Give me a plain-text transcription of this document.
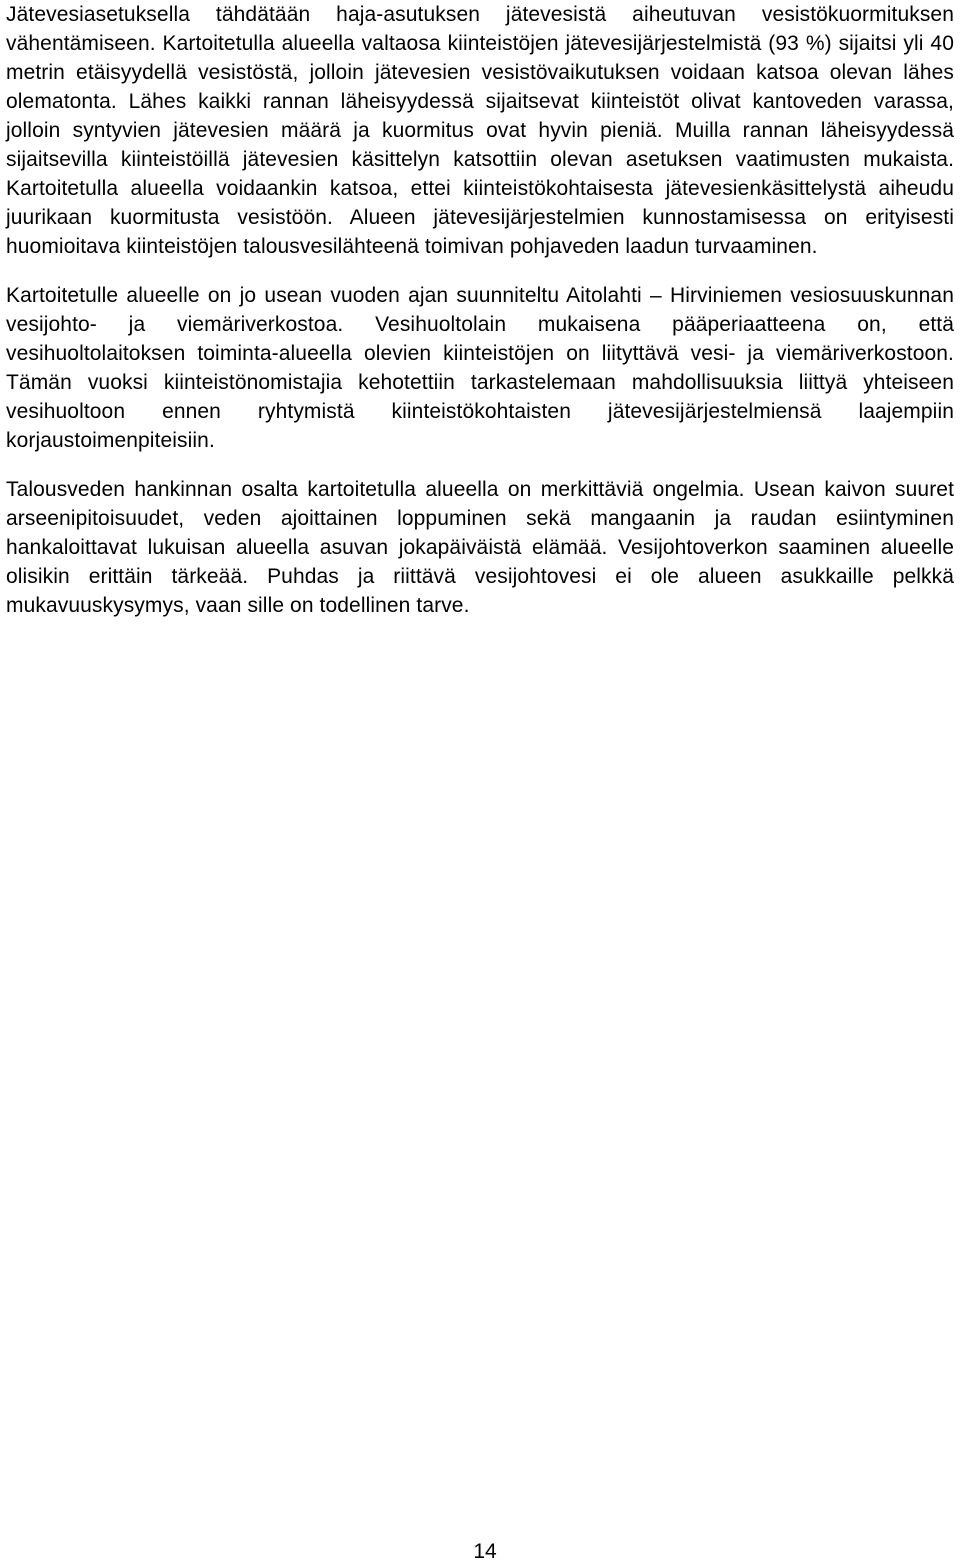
Jätevesiasetuksella tähdätään haja-asutuksen jätevesistä aiheutuvan vesistökuormituksen vähentämiseen. Kartoitetulla alueella valtaosa kiinteistöjen jätevesijärjestelmistä (93 %) sijaitsi yli 40 metrin etäisyydellä vesistöstä, jolloin jätevesien vesistövaikutuksen voidaan katsoa olevan lähes olematonta. Lähes kaikki rannan läheisyydessä sijaitsevat kiinteistöt olivat kantoveden varassa, jolloin syntyvien jätevesien määrä ja kuormitus ovat hyvin pieniä. Muilla rannan läheisyydessä sijaitsevilla kiinteistöillä jätevesien käsittelyn katsottiin olevan asetuksen vaatimusten mukaista. Kartoitetulla alueella voidaankin katsoa, ettei kiinteistökohtaisesta jätevesienkäsittelystä aiheudu juurikaan kuormitusta vesistöön. Alueen jätevesijärjestelmien kunnostamisessa on erityisesti huomioitava kiinteistöjen talousvesilähteenä toimivan pohjaveden laadun turvaaminen.

Kartoitetulle alueelle on jo usean vuoden ajan suunniteltu Aitolahti – Hirviniemen vesiosuuskunnan vesijohto- ja viemäriverkostoa. Vesihuoltolain mukaisena pääperiaatteena on, että vesihuoltolaitoksen toiminta-alueella olevien kiinteistöjen on liityttävä vesi- ja viemäriverkostoon. Tämän vuoksi kiinteistönomistajia kehotettiin tarkastelemaan mahdollisuuksia liittyä yhteiseen vesihuoltoon ennen ryhtymistä kiinteistökohtaisten jätevesijärjestelmiensä laajempiin korjaustoimenpiteisiin.

Talousveden hankinnan osalta kartoitetulla alueella on merkittäviä ongelmia. Usean kaivon suuret arseenipitoisuudet, veden ajoittainen loppuminen sekä mangaanin ja raudan esiintyminen hankaloittavat lukuisan alueella asuvan jokapäiväistä elämää. Vesijohtoverkon saaminen alueelle olisikin erittäin tärkeää. Puhdas ja riittävä vesijohtovesi ei ole alueen asukkaille pelkkä mukavuuskysymys, vaan sille on todellinen tarve.

14
